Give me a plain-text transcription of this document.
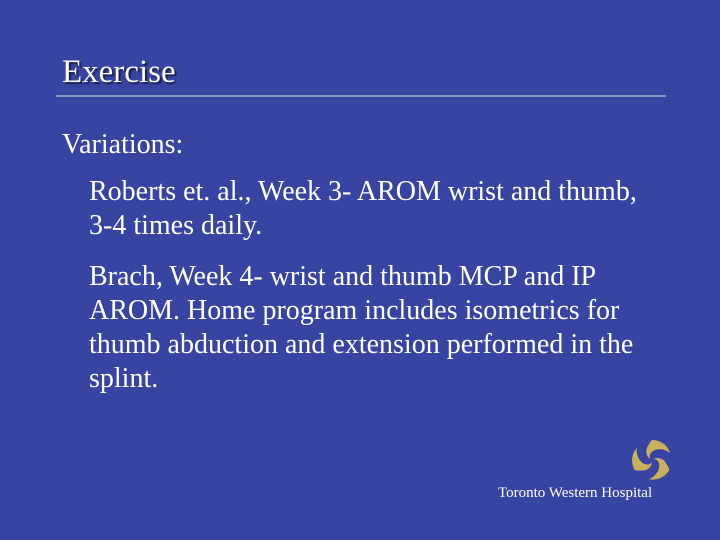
Exercise
Variations:
Roberts et. al., Week 3- AROM wrist and thumb, 3-4 times daily.
Brach, Week 4- wrist and thumb MCP and IP AROM. Home program includes isometrics for thumb abduction and extension performed in the splint.
Toronto Western Hospital
